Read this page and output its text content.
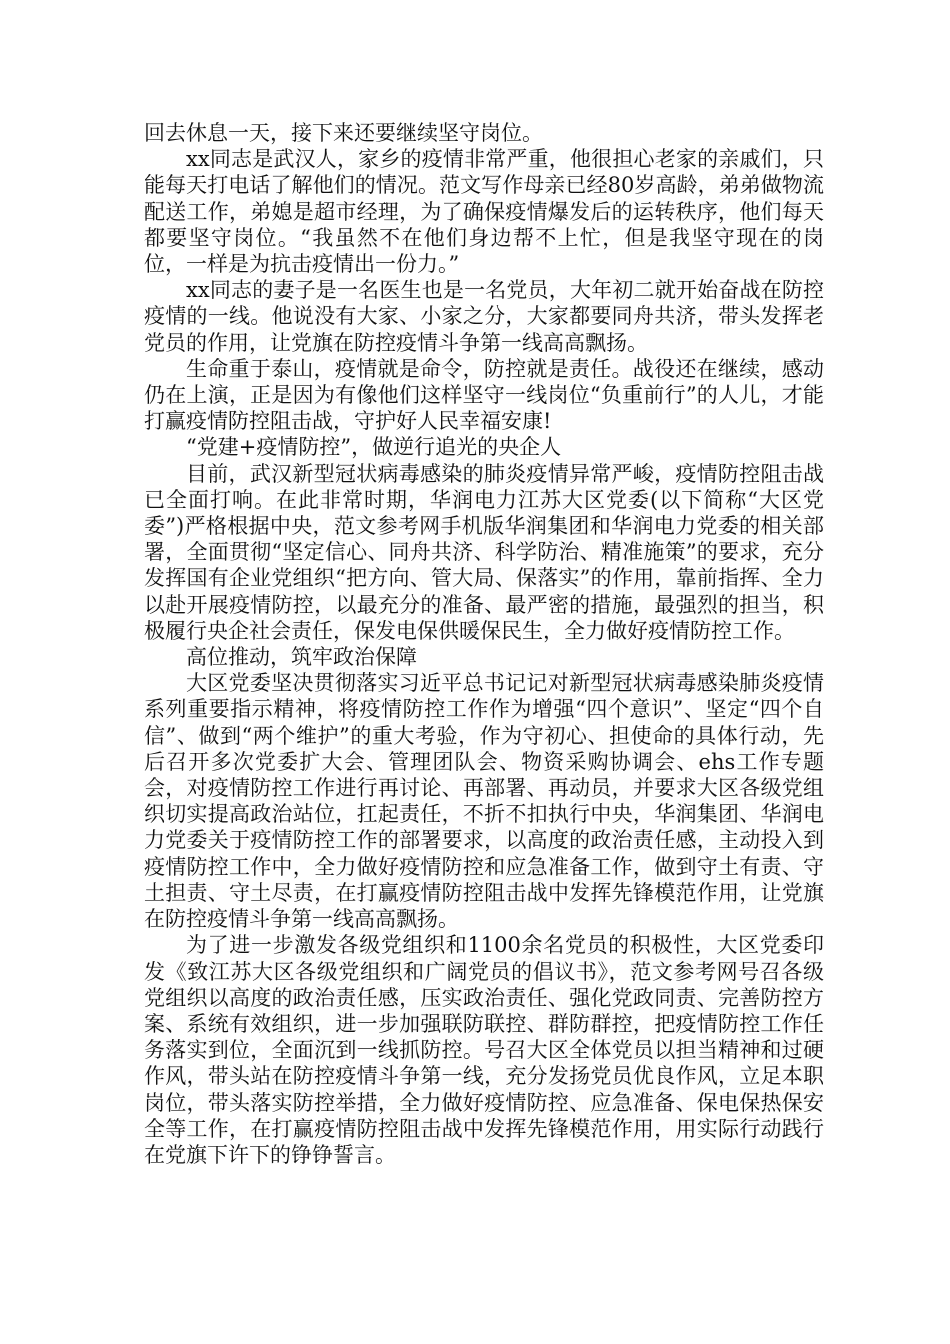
回去休息一天，接下来还要继续坚守岗位。

xx同志是武汉人，家乡的疫情非常严重，他很担心老家的亲戚们，只能每天打电话了解他们的情况。范文写作母亲已经80岁高龄，弟弟做物流配送工作，弟媳是超市经理，为了确保疫情爆发后的运转秩序，他们每天都要坚守岗位。“我虽然不在他们身边帮不上忙，但是我坚守现在的岗位，一样是为抗击疫情出一份力。”

xx同志的妻子是一名医生也是一名党员，大年初二就开始奋战在防控疫情的一线。他说没有大家、小家之分，大家都要同舟共济，带头发挥老党员的作用，让党旗在防控疫情斗争第一线高高飘扬。

生命重于泰山，疫情就是命令，防控就是责任。战役还在继续，感动仍在上演，正是因为有像他们这样坚守一线岗位“负重前行”的人儿，才能打赢疫情防控阻击战，守护好人民幸福安康!

“党建+疫情防控”，做逆行追光的央企人

目前，武汉新型冠状病毒感染的肺炎疫情异常严峻，疫情防控阻击战已全面打响。在此非常时期，华润电力江苏大区党委(以下简称“大区党委”)严格根据中央，范文参考网手机版华润集团和华润电力党委的相关部署，全面贯彻“坚定信心、同舟共济、科学防治、精准施策”的要求，充分发挥国有企业党组织“把方向、管大局、保落实”的作用，靠前指挥、全力以赴开展疫情防控，以最充分的准备、最严密的措施，最强烈的担当，积极履行央企社会责任，保发电保供暖保民生，全力做好疫情防控工作。

高位推动，筑牢政治保障

大区党委坚决贯彻落实习近平总书记记对新型冠状病毒感染肺炎疫情系列重要指示精神，将疫情防控工作作为增强“四个意识”、坚定“四个自信”、做到“两个维护”的重大考验，作为守初心、担使命的具体行动，先后召开多次党委扩大会、管理团队会、物资采购协调会、ehs工作专题会，对疫情防控工作进行再讨论、再部署、再动员，并要求大区各级党组织切实提高政治站位，扛起责任，不折不扣执行中央，华润集团、华润电力党委关于疫情防控工作的部署要求，以高度的政治责任感，主动投入到疫情防控工作中，全力做好疫情防控和应急准备工作，做到守土有责、守土担责、守土尽责，在打赢疫情防控阻击战中发挥先锋模范作用，让党旗在防控疫情斗争第一线高高飘扬。

为了进一步激发各级党组织和1100余名党员的积极性，大区党委印发《致江苏大区各级党组织和广阔党员的倡议书》，范文参考网号召各级党组织以高度的政治责任感，压实政治责任、强化党政同责、完善防控方案、系统有效组织，进一步加强联防联控、群防群控，把疫情防控工作任务落实到位，全面沉到一线抓防控。号召大区全体党员以担当精神和过硬作风，带头站在防控疫情斗争第一线，充分发扬党员优良作风，立足本职岗位，带头落实防控举措，全力做好疫情防控、应急准备、保电保热保安全等工作，在打赢疫情防控阻击战中发挥先锋模范作用，用实际行动践行在党旗下许下的铮铮誓言。
